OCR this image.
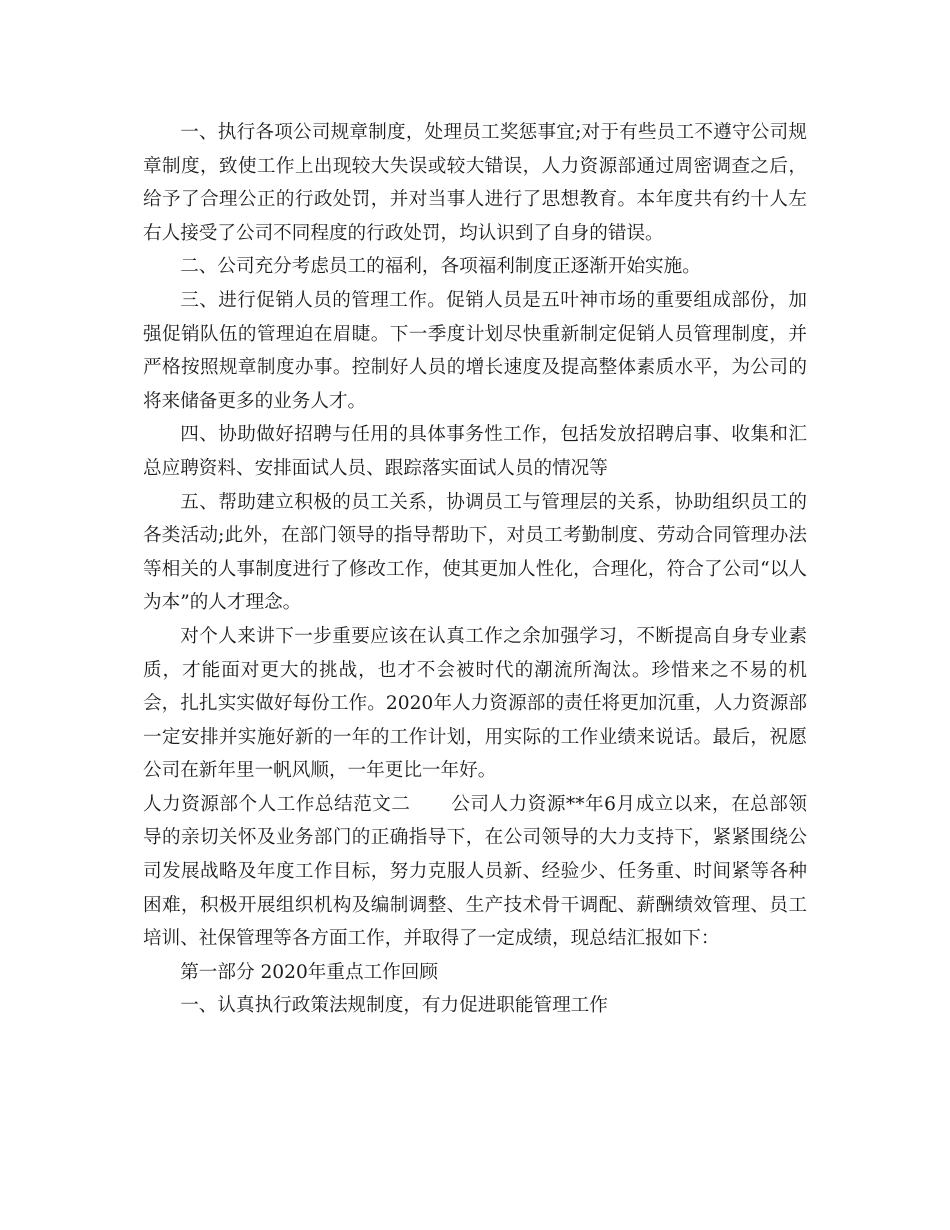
一、执行各项公司规章制度，处理员工奖惩事宜;对于有些员工不遵守公司规章制度，致使工作上出现较大失误或较大错误，人力资源部通过周密调查之后，给予了合理公正的行政处罚，并对当事人进行了思想教育。本年度共有约十人左右人接受了公司不同程度的行政处罚，均认识到了自身的错误。

二、公司充分考虑员工的福利，各项福利制度正逐渐开始实施。

三、进行促销人员的管理工作。促销人员是五叶神市场的重要组成部份，加强促销队伍的管理迫在眉睫。下一季度计划尽快重新制定促销人员管理制度，并严格按照规章制度办事。控制好人员的增长速度及提高整体素质水平，为公司的将来储备更多的业务人才。

四、协助做好招聘与任用的具体事务性工作，包括发放招聘启事、收集和汇总应聘资料、安排面试人员、跟踪落实面试人员的情况等

五、帮助建立积极的员工关系，协调员工与管理层的关系，协助组织员工的各类活动;此外，在部门领导的指导帮助下，对员工考勤制度、劳动合同管理办法等相关的人事制度进行了修改工作，使其更加人性化，合理化，符合了公司“以人为本”的人才理念。

对个人来讲下一步重要应该在认真工作之余加强学习，不断提高自身专业素质，才能面对更大的挑战，也才不会被时代的潮流所淘汰。珍惜来之不易的机会，扎扎实实做好每份工作。2020年人力资源部的责任将更加沉重，人力资源部一定安排并实施好新的一年的工作计划，用实际的工作业绩来说话。最后，祝愿公司在新年里一帆风顺，一年更比一年好。

人力资源部个人工作总结范文二 公司人力资源**年6月成立以来，在总部领导的亲切关怀及业务部门的正确指导下，在公司领导的大力支持下，紧紧围绕公司发展战略及年度工作目标，努力克服人员新、经验少、任务重、时间紧等各种困难，积极开展组织机构及编制调整、生产技术骨干调配、薪酬绩效管理、员工培训、社保管理等各方面工作，并取得了一定成绩，现总结汇报如下：

第一部分 2020年重点工作回顾

一、认真执行政策法规制度，有力促进职能管理工作
